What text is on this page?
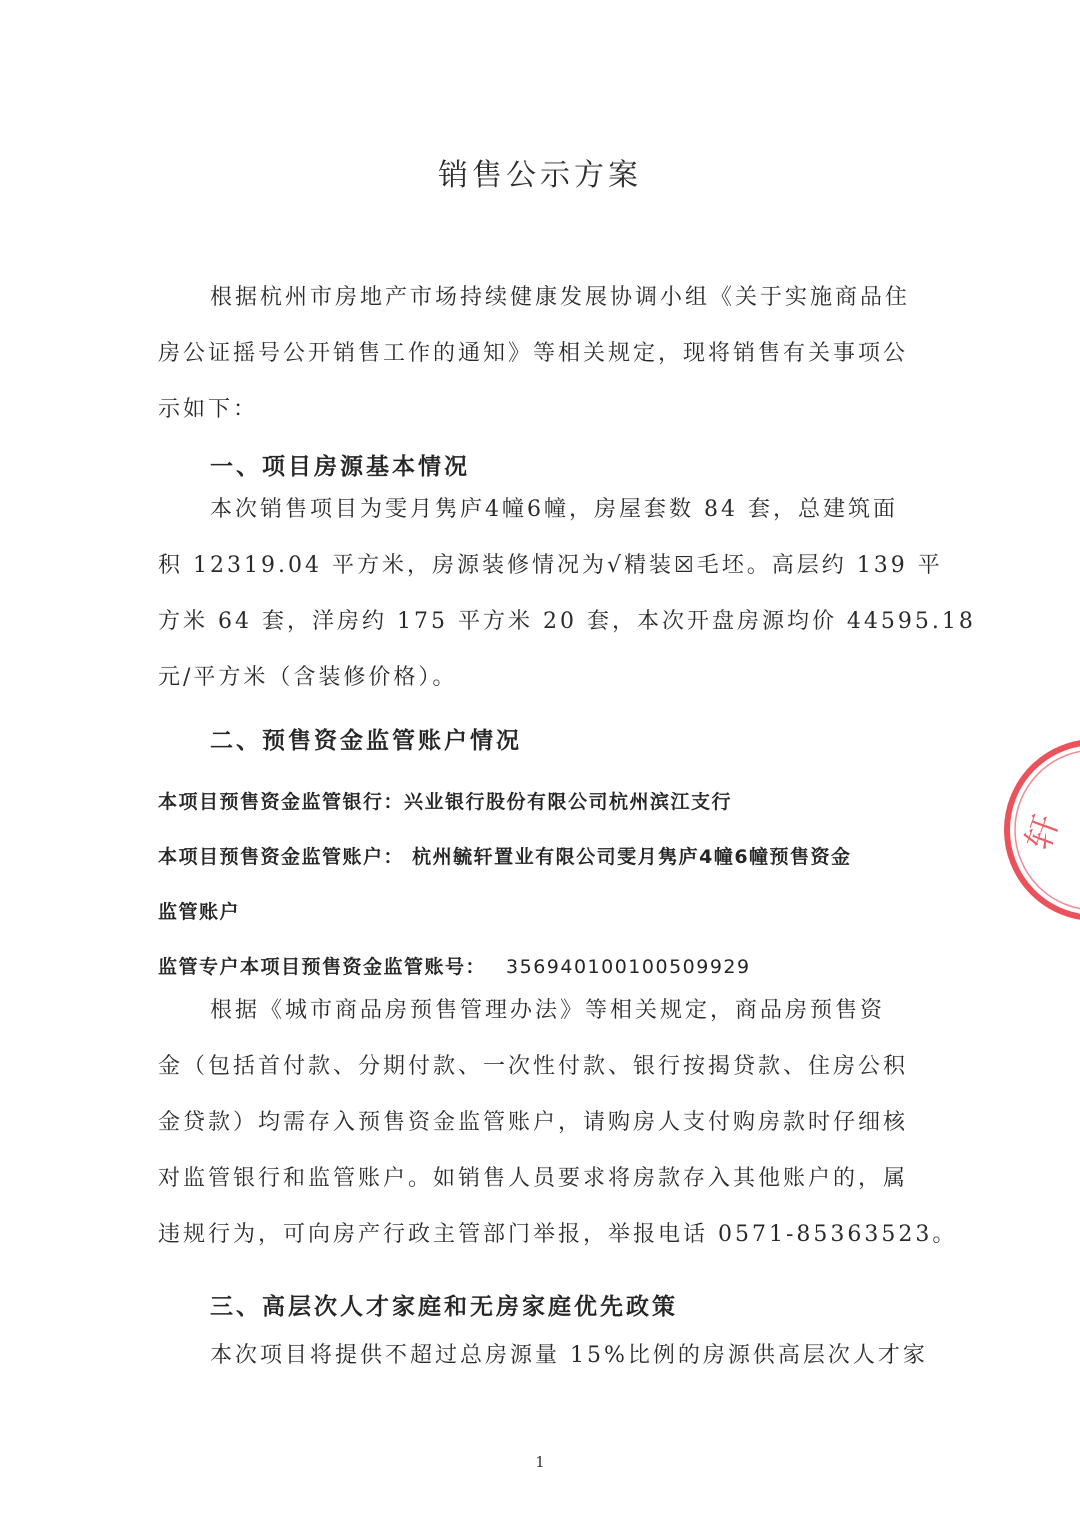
销售公示方案
根据杭州市房地产市场持续健康发展协调小组《关于实施商品住
房公证摇号公开销售工作的通知》等相关规定，现将销售有关事项公
示如下：
一、项目房源基本情况
本次销售项目为雯月隽庐4幢6幢，房屋套数 84 套，总建筑面
积 12319.04 平方米，房源装修情况为√精装☒毛坯。高层约 139 平
方米 64 套，洋房约 175 平方米 20 套，本次开盘房源均价 44595.18
元/平方米（含装修价格）。
二、预售资金监管账户情况
本项目预售资金监管银行：兴业银行股份有限公司杭州滨江支行
本项目预售资金监管账户： 杭州毓轩置业有限公司雯月隽庐4幢6幢预售资金
监管账户
监管专户本项目预售资金监管账号： 356940100100509929
根据《城市商品房预售管理办法》等相关规定，商品房预售资
金（包括首付款、分期付款、一次性付款、银行按揭贷款、住房公积
金贷款）均需存入预售资金监管账户，请购房人支付购房款时仔细核
对监管银行和监管账户。如销售人员要求将房款存入其他账户的，属
违规行为，可向房产行政主管部门举报，举报电话 0571-85363523。
三、高层次人才家庭和无房家庭优先政策
本次项目将提供不超过总房源量 15%比例的房源供高层次人才家
1
轩
